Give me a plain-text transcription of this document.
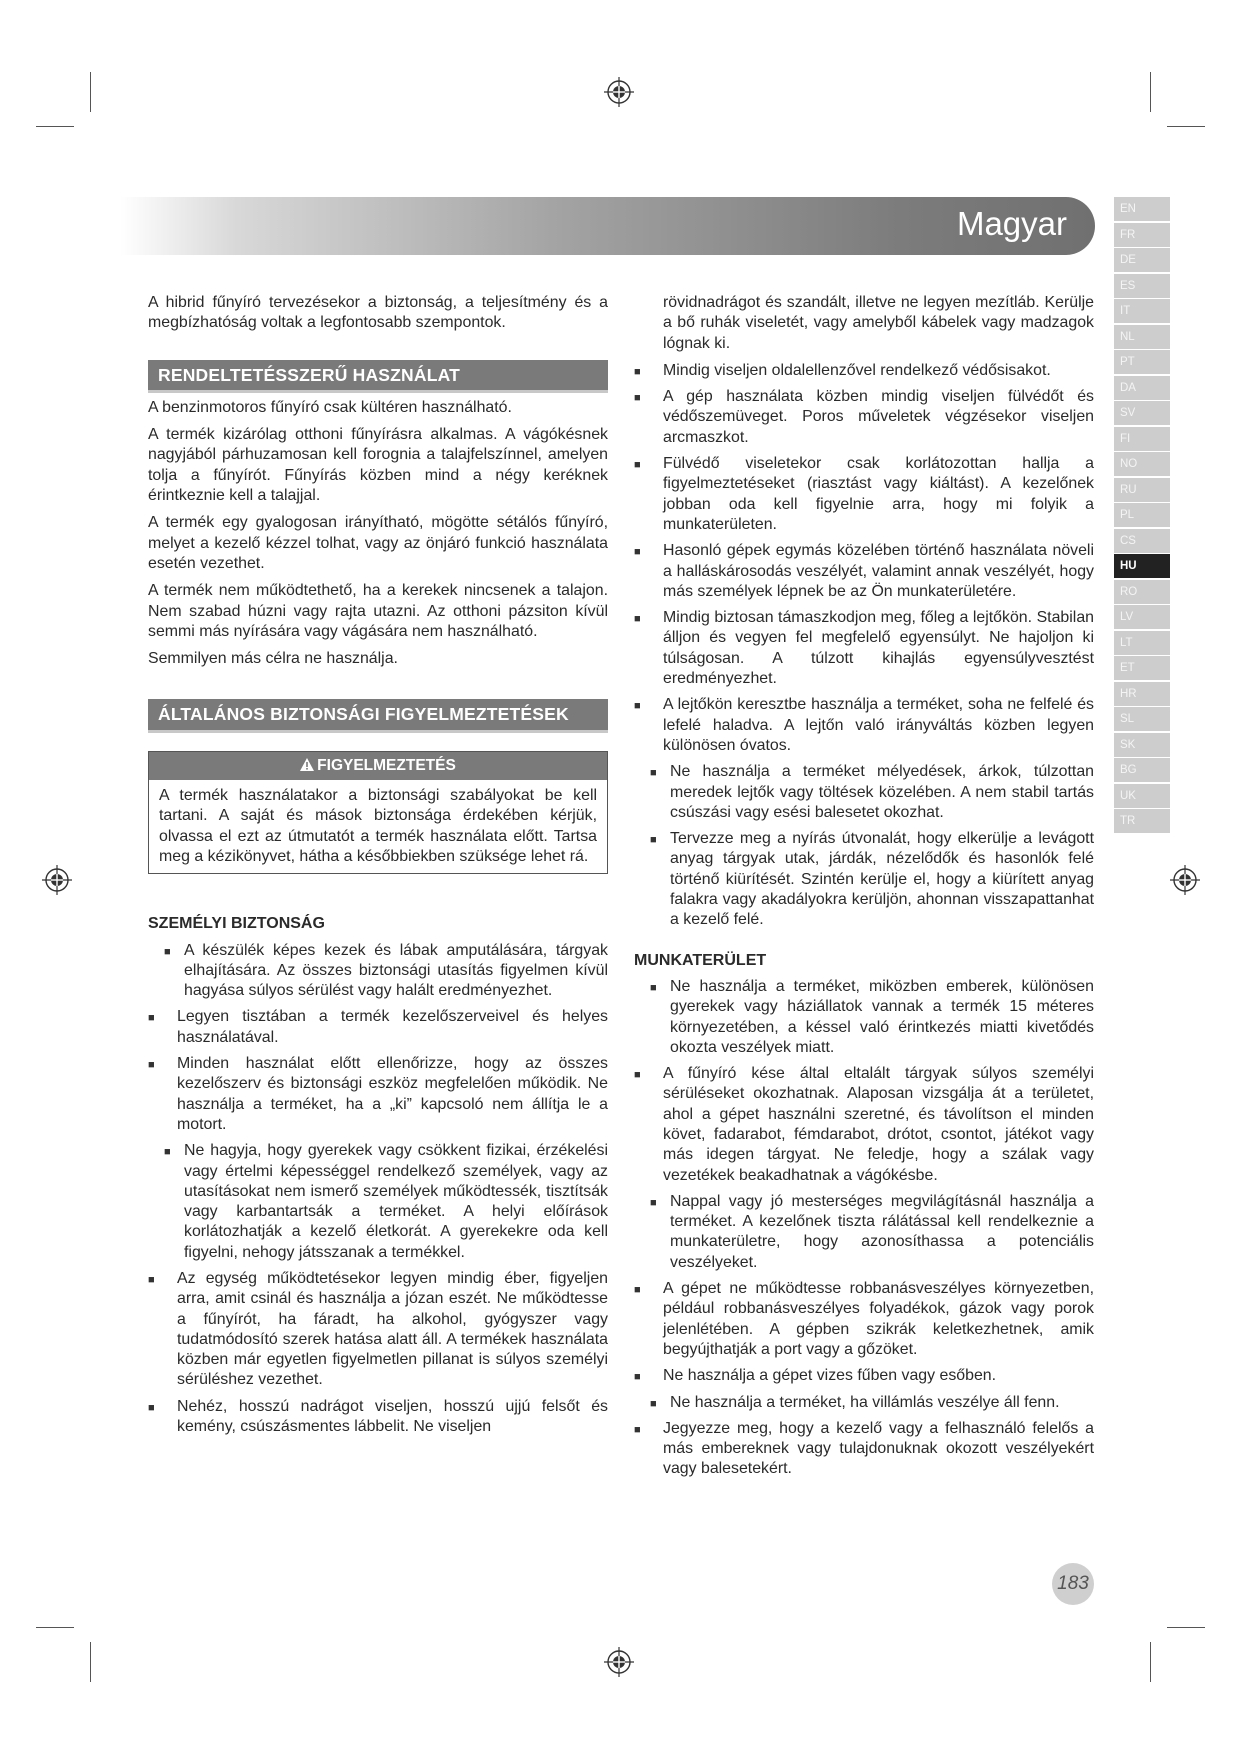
Magyar	EN
FR
DE
ES
IT
NL
PT
DA
SV
FI
NO
RU
PL
CS
HU
RO
LV
LT
ET
HR
SL
SK
BG
UK
TR

A hibrid fűnyíró tervezésekor a biztonság, a teljesítmény és a megbízhatóság voltak a legfontosabb szempontok.

RENDELTETÉSSZERŰ HASZNÁLAT

A benzinmotoros fűnyíró csak kültéren használható.

A termék kizárólag otthoni fűnyírásra alkalmas. A vágókésnek nagyjából párhuzamosan kell forognia a talajfelszínnel, amelyen tolja a fűnyírót. Fűnyírás közben mind a négy keréknek érintkeznie kell a talajjal.

A termék egy gyalogosan irányítható, mögötte sétálós fűnyíró, melyet a kezelő kézzel tolhat, vagy az önjáró funkció használata esetén vezethet.

A termék nem működtethető, ha a kerekek nincsenek a talajon. Nem szabad húzni vagy rajta utazni. Az otthoni pázsiton kívül semmi más nyírására vagy vágására nem használható.

Semmilyen más célra ne használja.

ÁLTALÁNOS BIZTONSÁGI FIGYELMEZTETÉSEK
FIGYELMEZTETÉS
A termék használatakor a biztonsági szabályokat be kell tartani. A saját és mások biztonsága érdekében kérjük, olvassa el ezt az útmutatót a termék használata előtt. Tartsa meg a kézikönyvet, hátha a későbbiekben szüksége lehet rá.
SZEMÉLYI BIZTONSÁG
■ A készülék képes kezek és lábak amputálására, tárgyak elhajítására. Az összes biztonsági utasítás figyelmen kívül hagyása súlyos sérülést vagy halált eredményezhet.
■ Legyen tisztában a termék kezelőszerveivel és helyes használatával.
■ Minden használat előtt ellenőrizze, hogy az összes kezelőszerv és biztonsági eszköz megfelelően működik. Ne használja a terméket, ha a „ki” kapcsoló nem állítja le a motort.
■ Ne hagyja, hogy gyerekek vagy csökkent fizikai, érzékelési vagy értelmi képességgel rendelkező személyek, vagy az utasításokat nem ismerő személyek működtessék, tisztítsák vagy karbantartsák a terméket. A helyi előírások korlátozhatják a kezelő életkorát. A gyerekekre oda kell figyelni, nehogy játsszanak a termékkel.
■ Az egység működtetésekor legyen mindig éber, figyeljen arra, amit csinál és használja a józan eszét. Ne működtesse a fűnyírót, ha fáradt, ha alkohol, gyógyszer vagy tudatmódosító szerek hatása alatt áll. A termékek használata közben már egyetlen figyelmetlen pillanat is súlyos személyi sérüléshez vezethet.
■ Nehéz, hosszú nadrágot viseljen, hosszú ujjú felsőt és kemény, csúszásmentes lábbelit. Ne viseljen

rövidnadrágot és szandált, illetve ne legyen mezítláb. Kerülje a bő ruhák viseletét, vagy amelyből kábelek vagy madzagok lógnak ki.

■ Mindig viseljen oldalellenzővel rendelkező védősisakot.
■ A gép használata közben mindig viseljen fülvédőt és védőszemüveget. Poros műveletek végzésekor viseljen arcmaszkot.
■ Fülvédő viseletekor csak korlátozottan hallja a figyelmeztetéseket (riasztást vagy kiáltást). A kezelőnek jobban oda kell figyelnie arra, hogy mi folyik a munkaterületen.
■ Hasonló gépek egymás közelében történő használata növeli a halláskárosodás veszélyét, valamint annak veszélyét, hogy más személyek lépnek be az Ön munkaterületére.
■ Mindig biztosan támaszkodjon meg, főleg a lejtőkön. Stabilan álljon és vegyen fel megfelelő egyensúlyt. Ne hajoljon ki túlságosan. A túlzott kihajlás egyensúlyvesztést eredményezhet.
■ A lejtőkön keresztbe használja a terméket, soha ne felfelé és lefelé haladva. A lejtőn való irányváltás közben legyen különösen óvatos.
■ Ne használja a terméket mélyedések, árkok, túlzottan meredek lejtők vagy töltések közelében. A nem stabil tartás csúszási vagy esési balesetet okozhat.
■ Tervezze meg a nyírás útvonalát, hogy elkerülje a levágott anyag tárgyak utak, járdák, nézelődők és hasonlók felé történő kiürítését. Szintén kerülje el, hogy a kiürített anyag falakra vagy akadályokra kerüljön, ahonnan visszapattanhat a kezelő felé.
MUNKATERÜLET
■ Ne használja a terméket, miközben emberek, különösen gyerekek vagy háziállatok vannak a termék 15 méteres környezetében, a késsel való érintkezés miatti kivetődés okozta veszélyek miatt.
■ A fűnyíró kése által eltalált tárgyak súlyos személyi sérüléseket okozhatnak. Alaposan vizsgálja át a területet, ahol a gépet használni szeretné, és távolítson el minden követ, fadarabot, fémdarabot, drótot, csontot, játékot vagy más idegen tárgyat. Ne feledje, hogy a szálak vagy vezetékek beakadhatnak a vágókésbe.
■ Nappal vagy jó mesterséges megvilágításnál használja a terméket. A kezelőnek tiszta rálátással kell rendelkeznie a munkaterületre, hogy azonosíthassa a potenciális veszélyeket.
■ A gépet ne működtesse robbanásveszélyes környezetben, például robbanásveszélyes folyadékok, gázok vagy porok jelenlétében. A gépben szikrák keletkezhetnek, amik begyújthatják a port vagy a gőzöket.
■ Ne használja a gépet vizes fűben vagy esőben.
■ Ne használja a terméket, ha villámlás veszélye áll fenn.
■ Jegyezze meg, hogy a kezelő vagy a felhasználó felelős a más embereknek vagy tulajdonuknak okozott veszélyekért vagy balesetekért.
183
